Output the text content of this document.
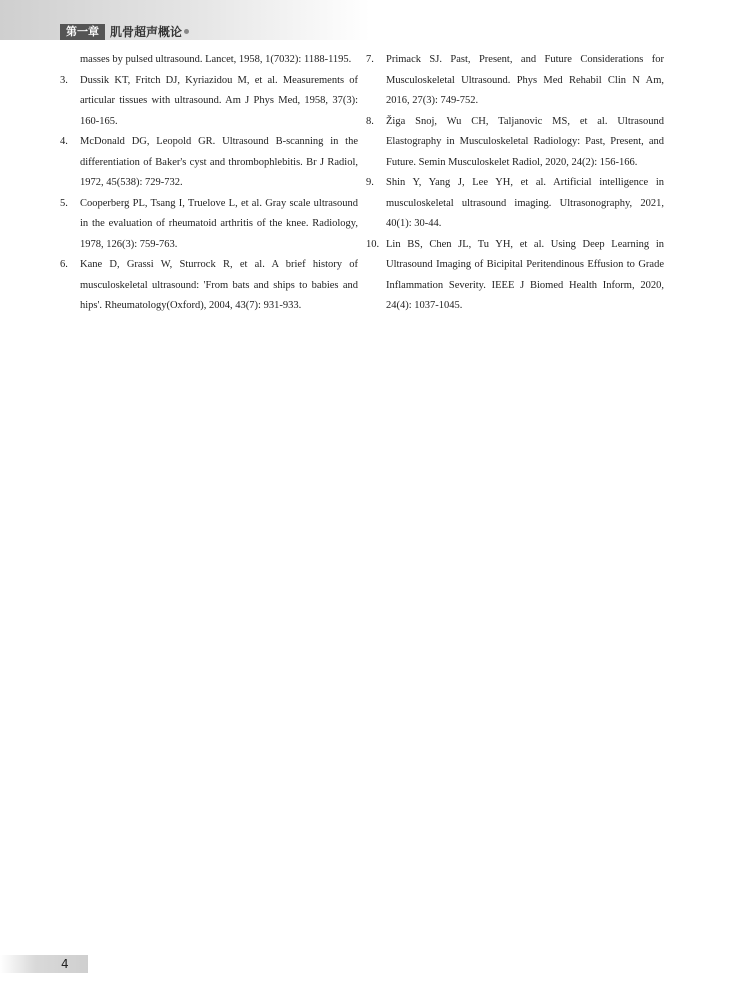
第一章 肌骨超声概论
masses by pulsed ultrasound. Lancet, 1958, 1(7032): 1188-1195.
3.	Dussik KT, Fritch DJ, Kyriazidou M, et al. Measurements of articular tissues with ultrasound. Am J Phys Med, 1958, 37(3): 160-165.
4.	McDonald DG, Leopold GR. Ultrasound B-scanning in the differentiation of Baker's cyst and thrombophlebitis. Br J Radiol, 1972, 45(538): 729-732.
5.	Cooperberg PL, Tsang I, Truelove L, et al. Gray scale ultrasound in the evaluation of rheumatoid arthritis of the knee. Radiology, 1978, 126(3): 759-763.
6.	Kane D, Grassi W, Sturrock R, et al. A brief history of musculoskeletal ultrasound: 'From bats and ships to babies and hips'. Rheumatology(Oxford), 2004, 43(7): 931-933.
7.	Primack SJ. Past, Present, and Future Considerations for Musculoskeletal Ultrasound. Phys Med Rehabil Clin N Am, 2016, 27(3): 749-752.
8.	Žiga Snoj, Wu CH, Taljanovic MS, et al. Ultrasound Elastography in Musculoskeletal Radiology: Past, Present, and Future. Semin Musculoskelet Radiol, 2020, 24(2): 156-166.
9.	Shin Y, Yang J, Lee YH, et al. Artificial intelligence in musculoskeletal ultrasound imaging. Ultrasonography, 2021, 40(1): 30-44.
10. Lin BS, Chen JL, Tu YH, et al. Using Deep Learning in Ultrasound Imaging of Bicipital Peritendinous Effusion to Grade Inflammation Severity. IEEE J Biomed Health Inform, 2020, 24(4): 1037-1045.
4
